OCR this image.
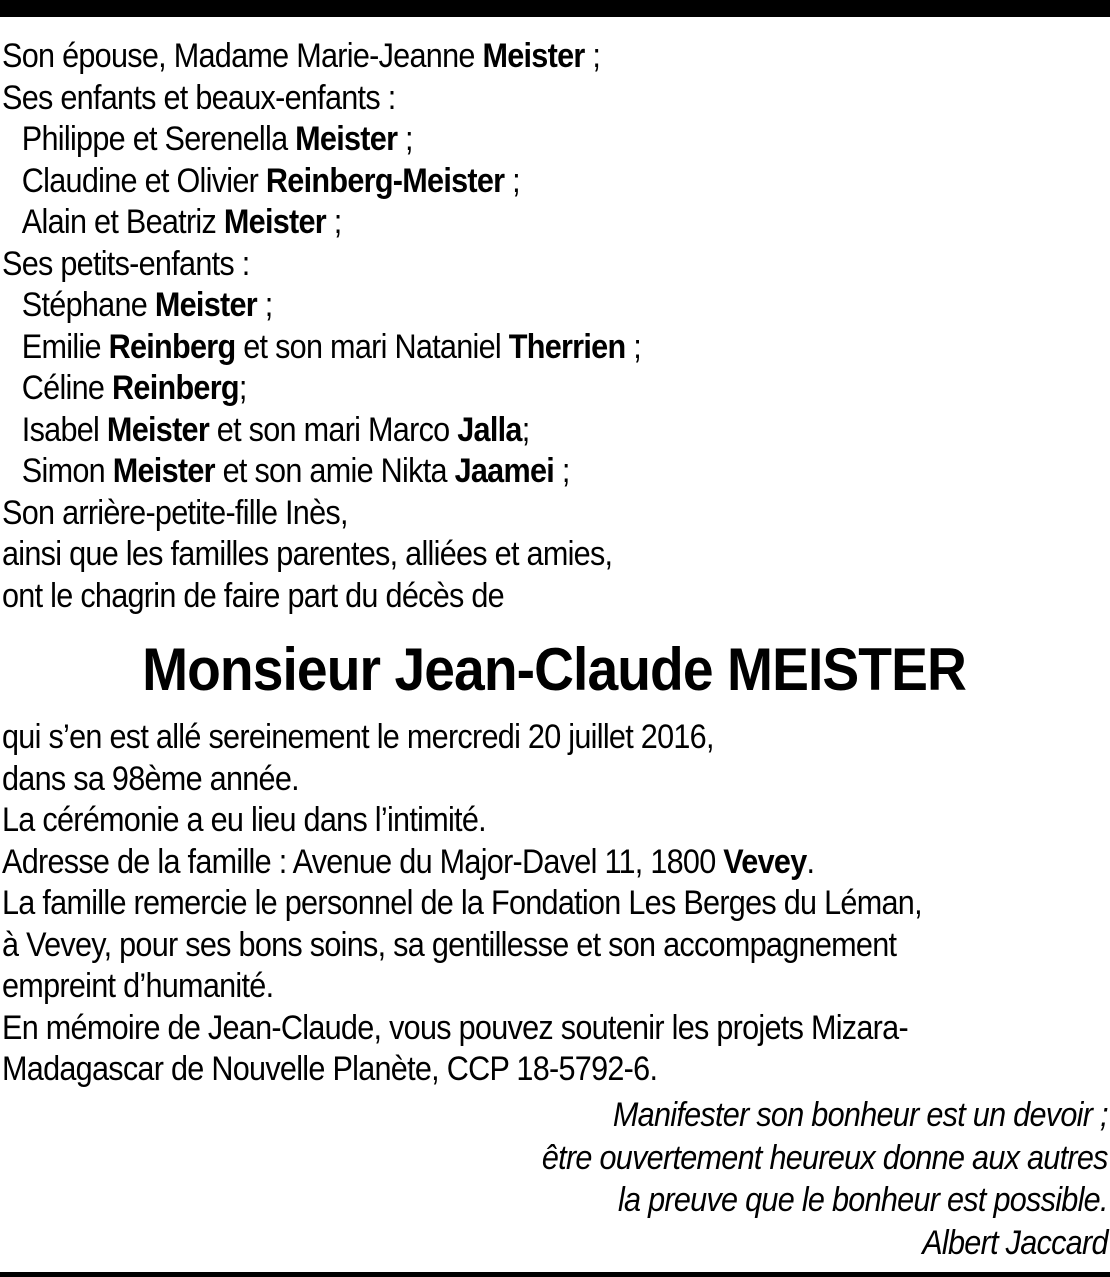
Son épouse, Madame Marie-Jeanne Meister ;
Ses enfants et beaux-enfants :
Philippe et Serenella Meister ;
Claudine et Olivier Reinberg-Meister ;
Alain et Beatriz Meister ;
Ses petits-enfants :
Stéphane Meister ;
Emilie Reinberg et son mari Nataniel Therrien ;
Céline Reinberg;
Isabel Meister et son mari Marco Jalla;
Simon Meister et son amie Nikta Jaamei ;
Son arrière-petite-fille Inès,
ainsi que les familles parentes, alliées et amies,
ont le chagrin de faire part du décès de
Monsieur Jean-Claude MEISTER
qui s’en est allé sereinement le mercredi 20 juillet 2016,
dans sa 98ème année.
La cérémonie a eu lieu dans l’intimité.
Adresse de la famille : Avenue du Major-Davel 11, 1800 Vevey.
La famille remercie le personnel de la Fondation Les Berges du Léman,
à Vevey, pour ses bons soins, sa gentillesse et son accompagnement
empreint d’humanité.
En mémoire de Jean-Claude, vous pouvez soutenir les projets Mizara-
Madagascar de Nouvelle Planète, CCP 18-5792-6.
Manifester son bonheur est un devoir ;
être ouvertement heureux donne aux autres
la preuve que le bonheur est possible.
Albert Jaccard
